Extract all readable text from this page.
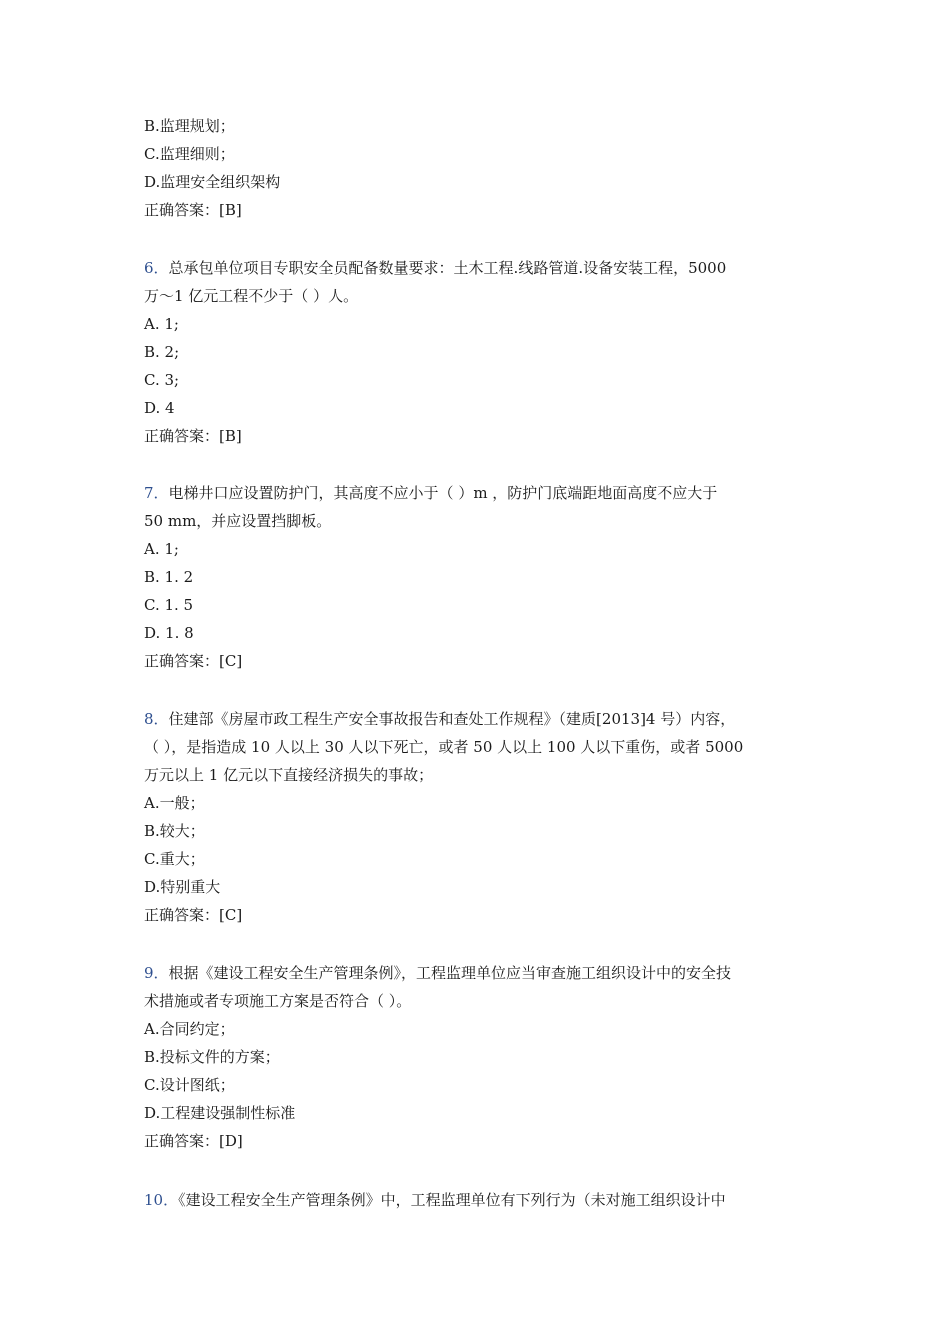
B.监理规划；
C.监理细则；
D.监理安全组织架构
正确答案：[B]
6．总承包单位项目专职安全员配备数量要求：土木工程.线路管道.设备安装工程，5000
万～1 亿元工程不少于（ ）人。
A. 1;
B. 2;
C. 3;
D. 4
正确答案：[B]
7．电梯井口应设置防护门，其高度不应小于（ ）m ，防护门底端距地面高度不应大于
50 mm，并应设置挡脚板。
A. 1;
B. 1. 2
C. 1. 5
D. 1. 8
正确答案：[C]
8．住建部《房屋市政工程生产安全事故报告和查处工作规程》（建质[2013]4 号）内容，
（ ），是指造成 10 人以上 30 人以下死亡，或者 50 人以上 100 人以下重伤，或者 5000
万元以上 1 亿元以下直接经济损失的事故；
A.一般；
B.较大；
C.重大；
D.特别重大
正确答案：[C]
9．根据《建设工程安全生产管理条例》，工程监理单位应当审查施工组织设计中的安全技
术措施或者专项施工方案是否符合（ ）。
A.合同约定；
B.投标文件的方案；
C.设计图纸；
D.工程建设强制性标准
正确答案：[D]
10．《建设工程安全生产管理条例》中，工程监理单位有下列行为（未对施工组织设计中
